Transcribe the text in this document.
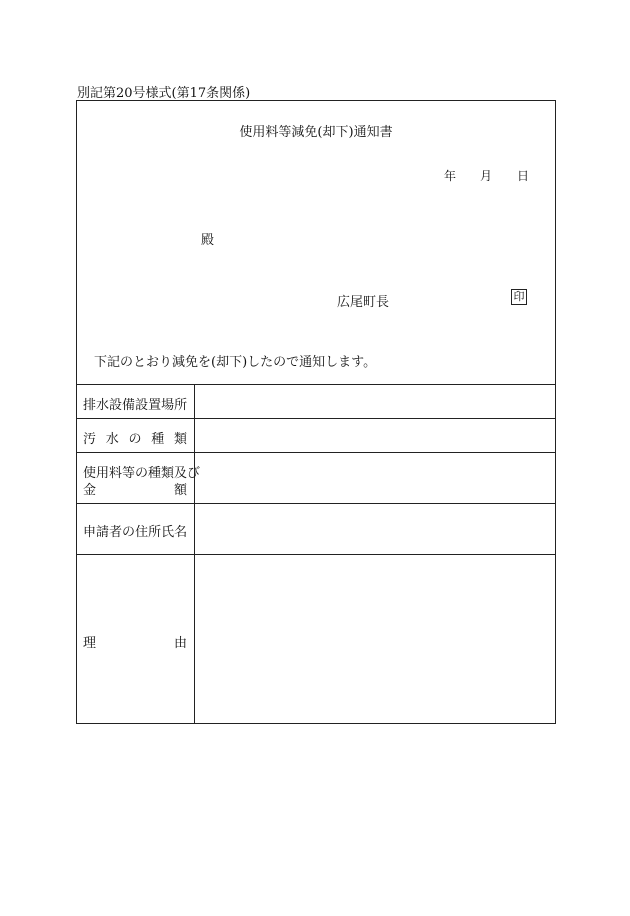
別記第20号様式(第17条関係)
使用料等減免(却下)通知書
年 月 日
殿
広尾町長	印
下記のとおり減免を(却下)したので通知します。
排 水 設 備 設 置 場 所
汚 水 の 種 類
使用料等の種類及び
金	額
申 請 者 の 住 所 氏 名
理	由
